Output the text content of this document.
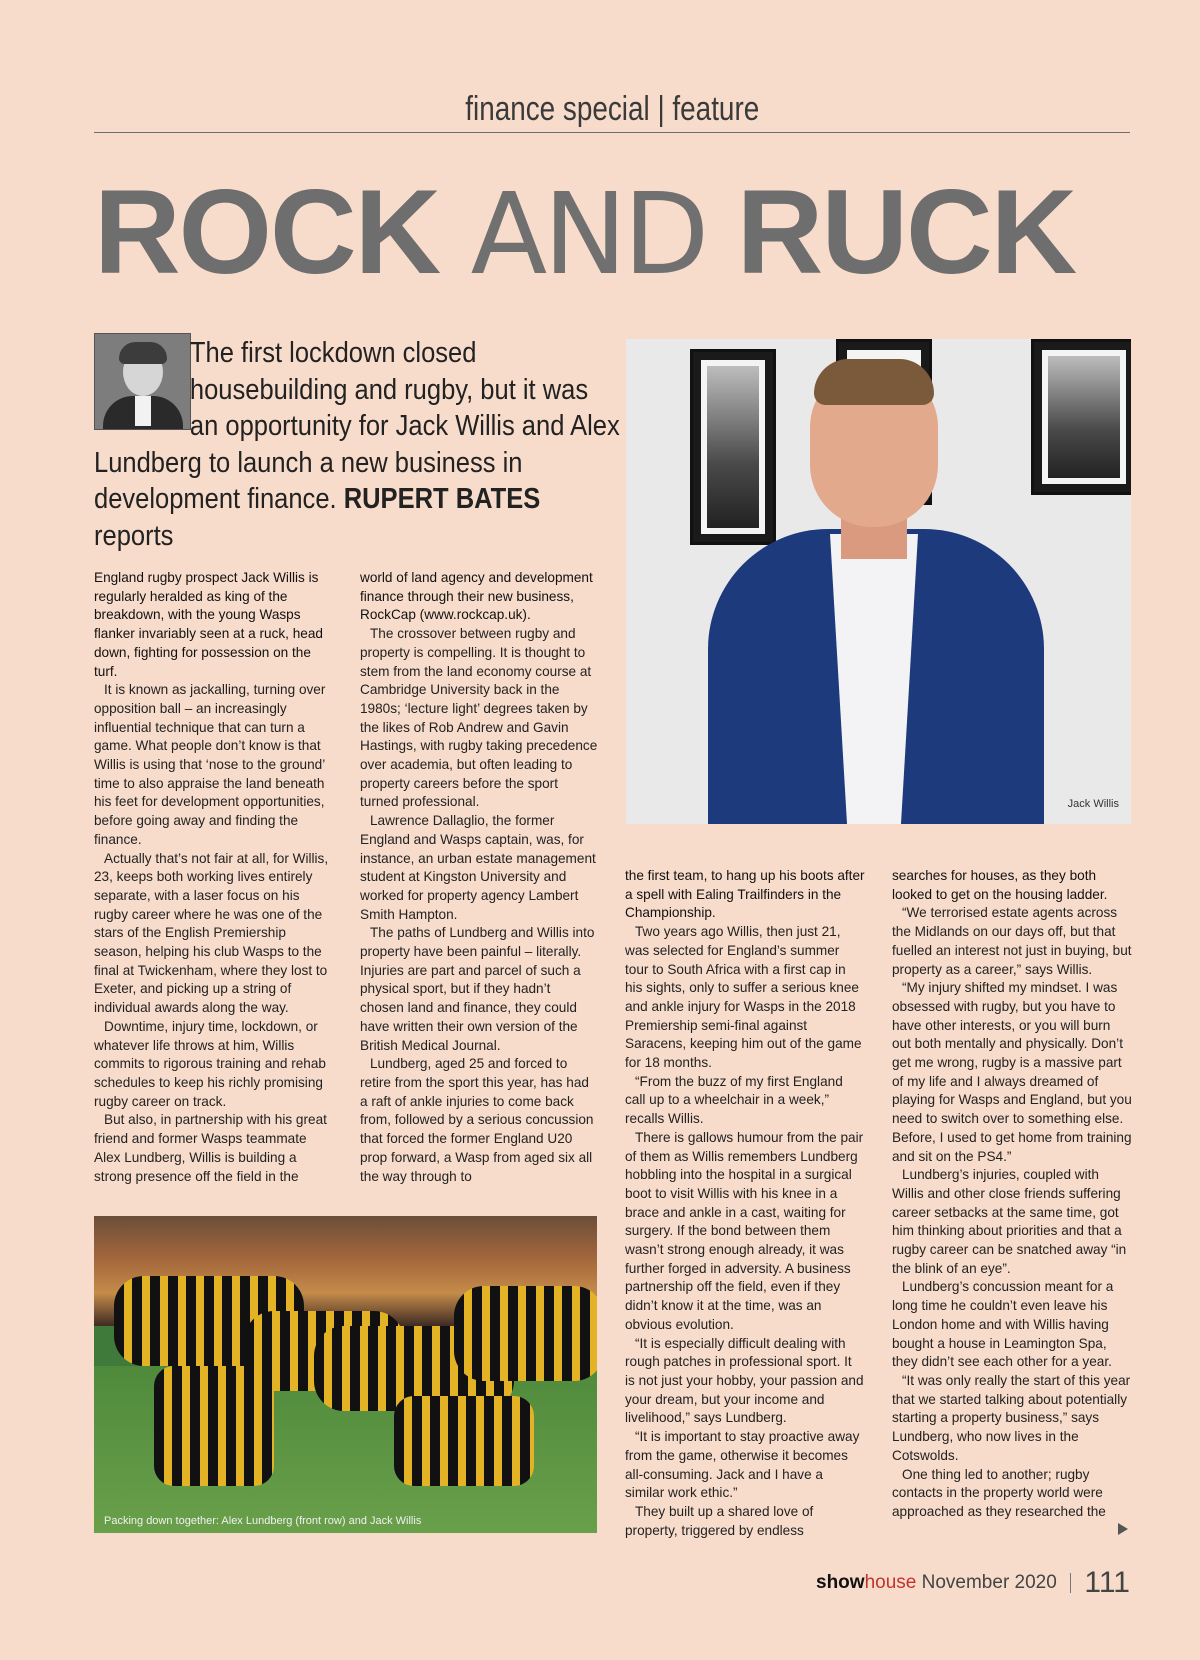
finance special | feature
ROCK AND RUCK
The first lockdown closed housebuilding and rugby, but it was an opportunity for Jack Willis and Alex Lundberg to launch a new business in development finance. RUPERT BATES reports
Jack Willis

England rugby prospect Jack Willis is regularly heralded as king of the breakdown, with the young Wasps flanker invariably seen at a ruck, head down, fighting for possession on the turf.

It is known as jackalling, turning over opposition ball – an increasingly influential technique that can turn a game. What people don’t know is that Willis is using that ‘nose to the ground’ time to also appraise the land beneath his feet for development opportunities, before going away and finding the finance.

Actually that’s not fair at all, for Willis, 23, keeps both working lives entirely separate, with a laser focus on his rugby career where he was one of the stars of the English Premiership season, helping his club Wasps to the final at Twickenham, where they lost to Exeter, and picking up a string of individual awards along the way.

Downtime, injury time, lockdown, or whatever life throws at him, Willis commits to rigorous training and rehab schedules to keep his richly promising rugby career on track.

But also, in partnership with his great friend and former Wasps teammate Alex Lundberg, Willis is building a strong presence off the field in the

world of land agency and development finance through their new business, RockCap (www.rockcap.uk).

The crossover between rugby and property is compelling. It is thought to stem from the land economy course at Cambridge University back in the 1980s; ‘lecture light’ degrees taken by the likes of Rob Andrew and Gavin Hastings, with rugby taking precedence over academia, but often leading to property careers before the sport turned professional.

Lawrence Dallaglio, the former England and Wasps captain, was, for instance, an urban estate management student at Kingston University and worked for property agency Lambert Smith Hampton.

The paths of Lundberg and Willis into property have been painful – literally. Injuries are part and parcel of such a physical sport, but if they hadn’t chosen land and finance, they could have written their own version of the British Medical Journal.

Lundberg, aged 25 and forced to retire from the sport this year, has had a raft of ankle injuries to come back from, followed by a serious concussion that forced the former England U20 prop forward, a Wasp from aged six all the way through to

the first team, to hang up his boots after a spell with Ealing Trailfinders in the Championship.

Two years ago Willis, then just 21, was selected for England’s summer tour to South Africa with a first cap in his sights, only to suffer a serious knee and ankle injury for Wasps in the 2018 Premiership semi-final against Saracens, keeping him out of the game for 18 months.

“From the buzz of my first England call up to a wheelchair in a week,” recalls Willis.

There is gallows humour from the pair of them as Willis remembers Lundberg hobbling into the hospital in a surgical boot to visit Willis with his knee in a brace and ankle in a cast, waiting for surgery. If the bond between them wasn’t strong enough already, it was further forged in adversity. A business partnership off the field, even if they didn’t know it at the time, was an obvious evolution.

“It is especially difficult dealing with rough patches in professional sport. It is not just your hobby, your passion and your dream, but your income and livelihood,” says Lundberg.

“It is important to stay proactive away from the game, otherwise it becomes all-consuming. Jack and I have a similar work ethic.”

They built up a shared love of property, triggered by endless

searches for houses, as they both looked to get on the housing ladder.

“We terrorised estate agents across the Midlands on our days off, but that fuelled an interest not just in buying, but property as a career,” says Willis.

“My injury shifted my mindset. I was obsessed with rugby, but you have to have other interests, or you will burn out both mentally and physically. Don’t get me wrong, rugby is a massive part of my life and I always dreamed of playing for Wasps and England, but you need to switch over to something else. Before, I used to get home from training and sit on the PS4.”

Lundberg’s injuries, coupled with Willis and other close friends suffering career setbacks at the same time, got him thinking about priorities and that a rugby career can be snatched away “in the blink of an eye”.

Lundberg’s concussion meant for a long time he couldn’t even leave his London home and with Willis having bought a house in Leamington Spa, they didn’t see each other for a year.

“It was only really the start of this year that we started talking about potentially starting a property business,” says Lundberg, who now lives in the Cotswolds.

One thing led to another; rugby contacts in the property world were approached as they researched the

Packing down together: Alex Lundberg (front row) and Jack Willis
showhouse November 2020 111
